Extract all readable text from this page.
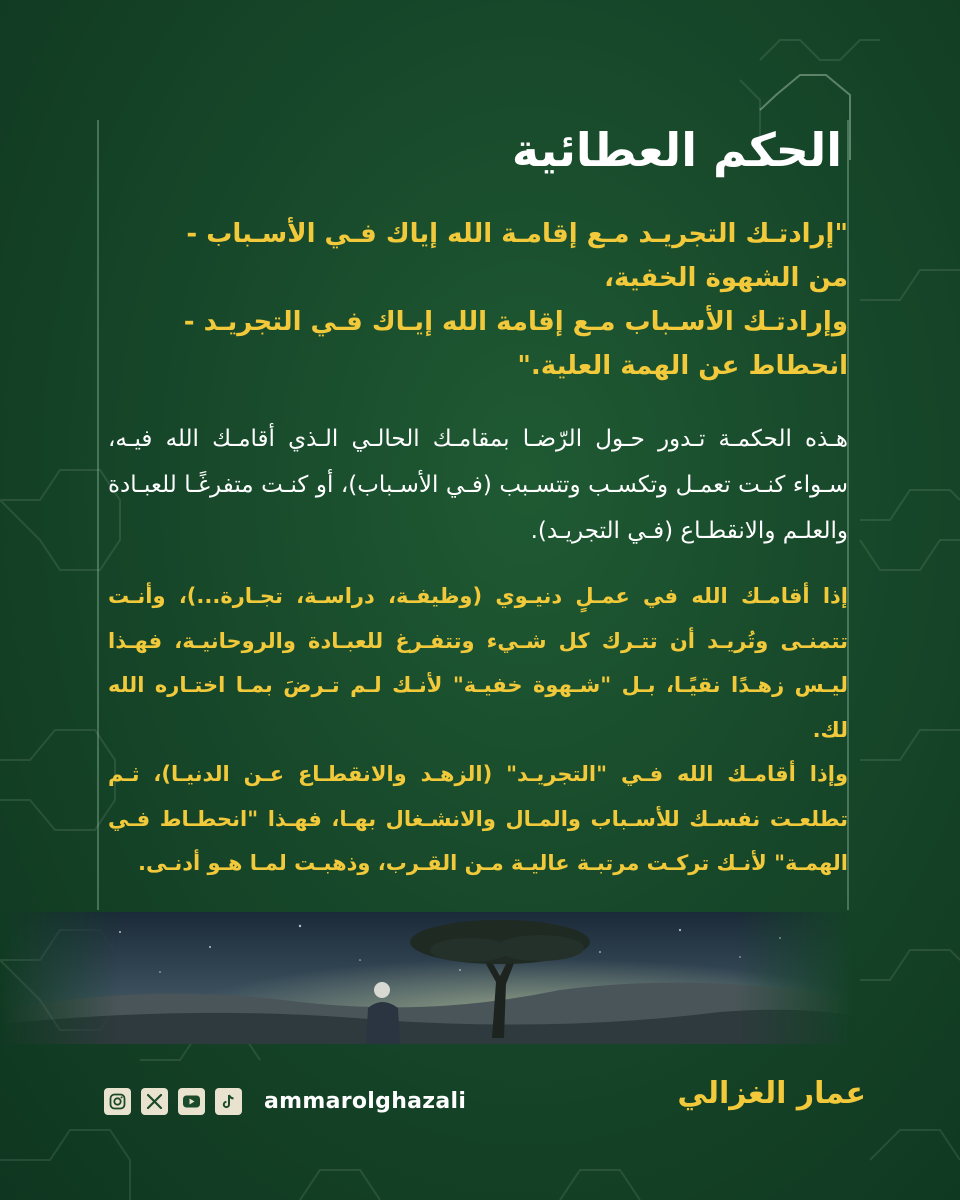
الحكم العطائية

"إرادتـك التجريـد مـع إقامـة الله إياك فـي الأسـباب -

من الشهوة الخفية،

وإرادتـك الأسـباب مـع إقامة الله إيـاك فـي التجريـد -

انحطاط عن الهمة العلية."

هـذه الحكمـة تـدور حـول الرّضـا بمقامـك الحالـي الـذي أقامـك الله فيـه، سـواء كنـت تعمـل وتكسـب وتتسـبب (فـي الأسـباب)، أو كنـت متفرغًـا للعبـادة والعلـم والانقطـاع (فـي التجريـد).

إذا أقامـك الله في عمـلٍ دنيـوي (وظيفـة، دراسـة، تجـارة...)، وأنـت تتمنـى وتُريـد أن تتـرك كل شـيء وتتفـرغ للعبـادة والروحانيـة، فهـذا ليـس زهـدًا نقيًـا، بـل "شـهوة خفيـة" لأنـك لـم تـرضَ بمـا اختـاره الله لك.

وإذا أقامـك الله فـي "التجريـد" (الزهـد والانقطـاع عـن الدنيـا)، ثـم تطلعـت نفسـك للأسـباب والمـال والانشـغال بهـا، فهـذا "انحطـاط فـي الهمـة" لأنـك تركـت مرتبـة عاليـة مـن القـرب، وذهبـت لمـا هـو أدنـى.

ammarolghazali	عمار الغزالي
